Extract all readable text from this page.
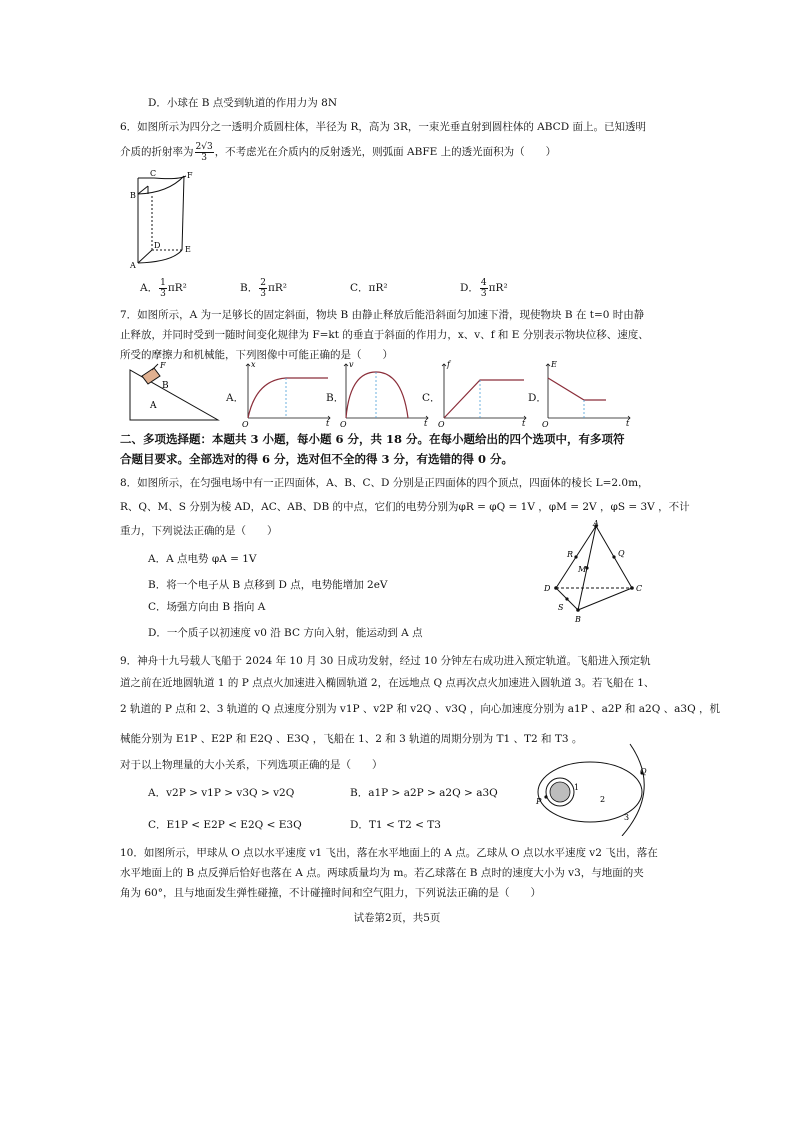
D．小球在 B 点受到轨道的作用力为 8N
6．如图所示为四分之一透明介质圆柱体，半径为 R，高为 3R，一束光垂直射到圆柱体的 ABCD 面上。已知透明
介质的折射率为 $\frac{2√3}{3}$ ，不考虑光在介质内的反射透光，则弧面 ABFE 上的透光面积为（　　）
C	F
B
D	E
A
A． $\frac{1}{3} \pi R^2$	B． $\frac{2}{3} \pi R^2$	C．πR²	D． $\frac{4}{3} \pi R^2$
7．如图所示，A 为一足够长的固定斜面，物块 B 由静止释放后能沿斜面匀加速下滑，现使物块 B 在 t=0 时由静
止释放，并同时受到一随时间变化规律为 F=kt 的垂直于斜面的作用力，x、v、f 和 E 分别表示物块位移、速度、
所受的摩擦力和机械能，下列图像中可能正确的是（　　）
F
B
A
A．
x
t
O
B．
v
t
O
C．
f
t
O
D．
E
t
O
二、多项选择题：本题共 3 小题，每小题 6 分，共 18 分。在每小题给出的四个选项中，有多项符
合题目要求。全部选对的得 6 分，选对但不全的得 3 分，有选错的得 0 分。
8．如图所示，在匀强电场中有一正四面体，A、B、C、D 分别是正四面体的四个顶点，四面体的棱长 L=2.0m，
R、Q、M、S 分别为棱 AD，AC、AB、DB 的中点，它们的电势分别为φR = φQ = 1V ，φM = 2V ，φS = 3V ，不计
重力，下列说法正确的是（　　）
A．A 点电势 φA = 1V
B．将一个电子从 B 点移到 D 点，电势能增加 2eV
C．场强方向由 B 指向 A
D．一个质子以初速度 v0 沿 BC 方向入射，能运动到 A 点
A
Q
R
M
D	C
S
B
9．神舟十九号载人飞船于 2024 年 10 月 30 日成功发射，经过 10 分钟左右成功进入预定轨道。飞船进入预定轨
道之前在近地圆轨道 1 的 P 点点火加速进入椭圆轨道 2，在远地点 Q 点再次点火加速进入圆轨道 3。若飞船在 1、
2 轨道的 P 点和 2、3 轨道的 Q 点速度分别为 v1P 、v2P 和 v2Q 、v3Q ，向心加速度分别为 a1P 、a2P 和 a2Q 、a3Q ，机
械能分别为 E1P 、E2P 和 E2Q 、E3Q ，飞船在 1、2 和 3 轨道的周期分别为 T1 、T2 和 T3 。
对于以上物理量的大小关系，下列选项正确的是（　　）
A．v2P > v1P > v3Q > v2Q	B．a1P > a2P > a2Q > a3Q
C．E1P < E2P < E2Q < E3Q	D．T1 < T2 < T3
Q
P
1
2
3
10．如图所示，甲球从 O 点以水平速度 v1 飞出，落在水平地面上的 A 点。乙球从 O 点以水平速度 v2 飞出，落在
水平地面上的 B 点反弹后恰好也落在 A 点。两球质量均为 m。若乙球落在 B 点时的速度大小为 v3，与地面的夹
角为 60°，且与地面发生弹性碰撞，不计碰撞时间和空气阻力，下列说法正确的是（　　）
试卷第2页，共5页
